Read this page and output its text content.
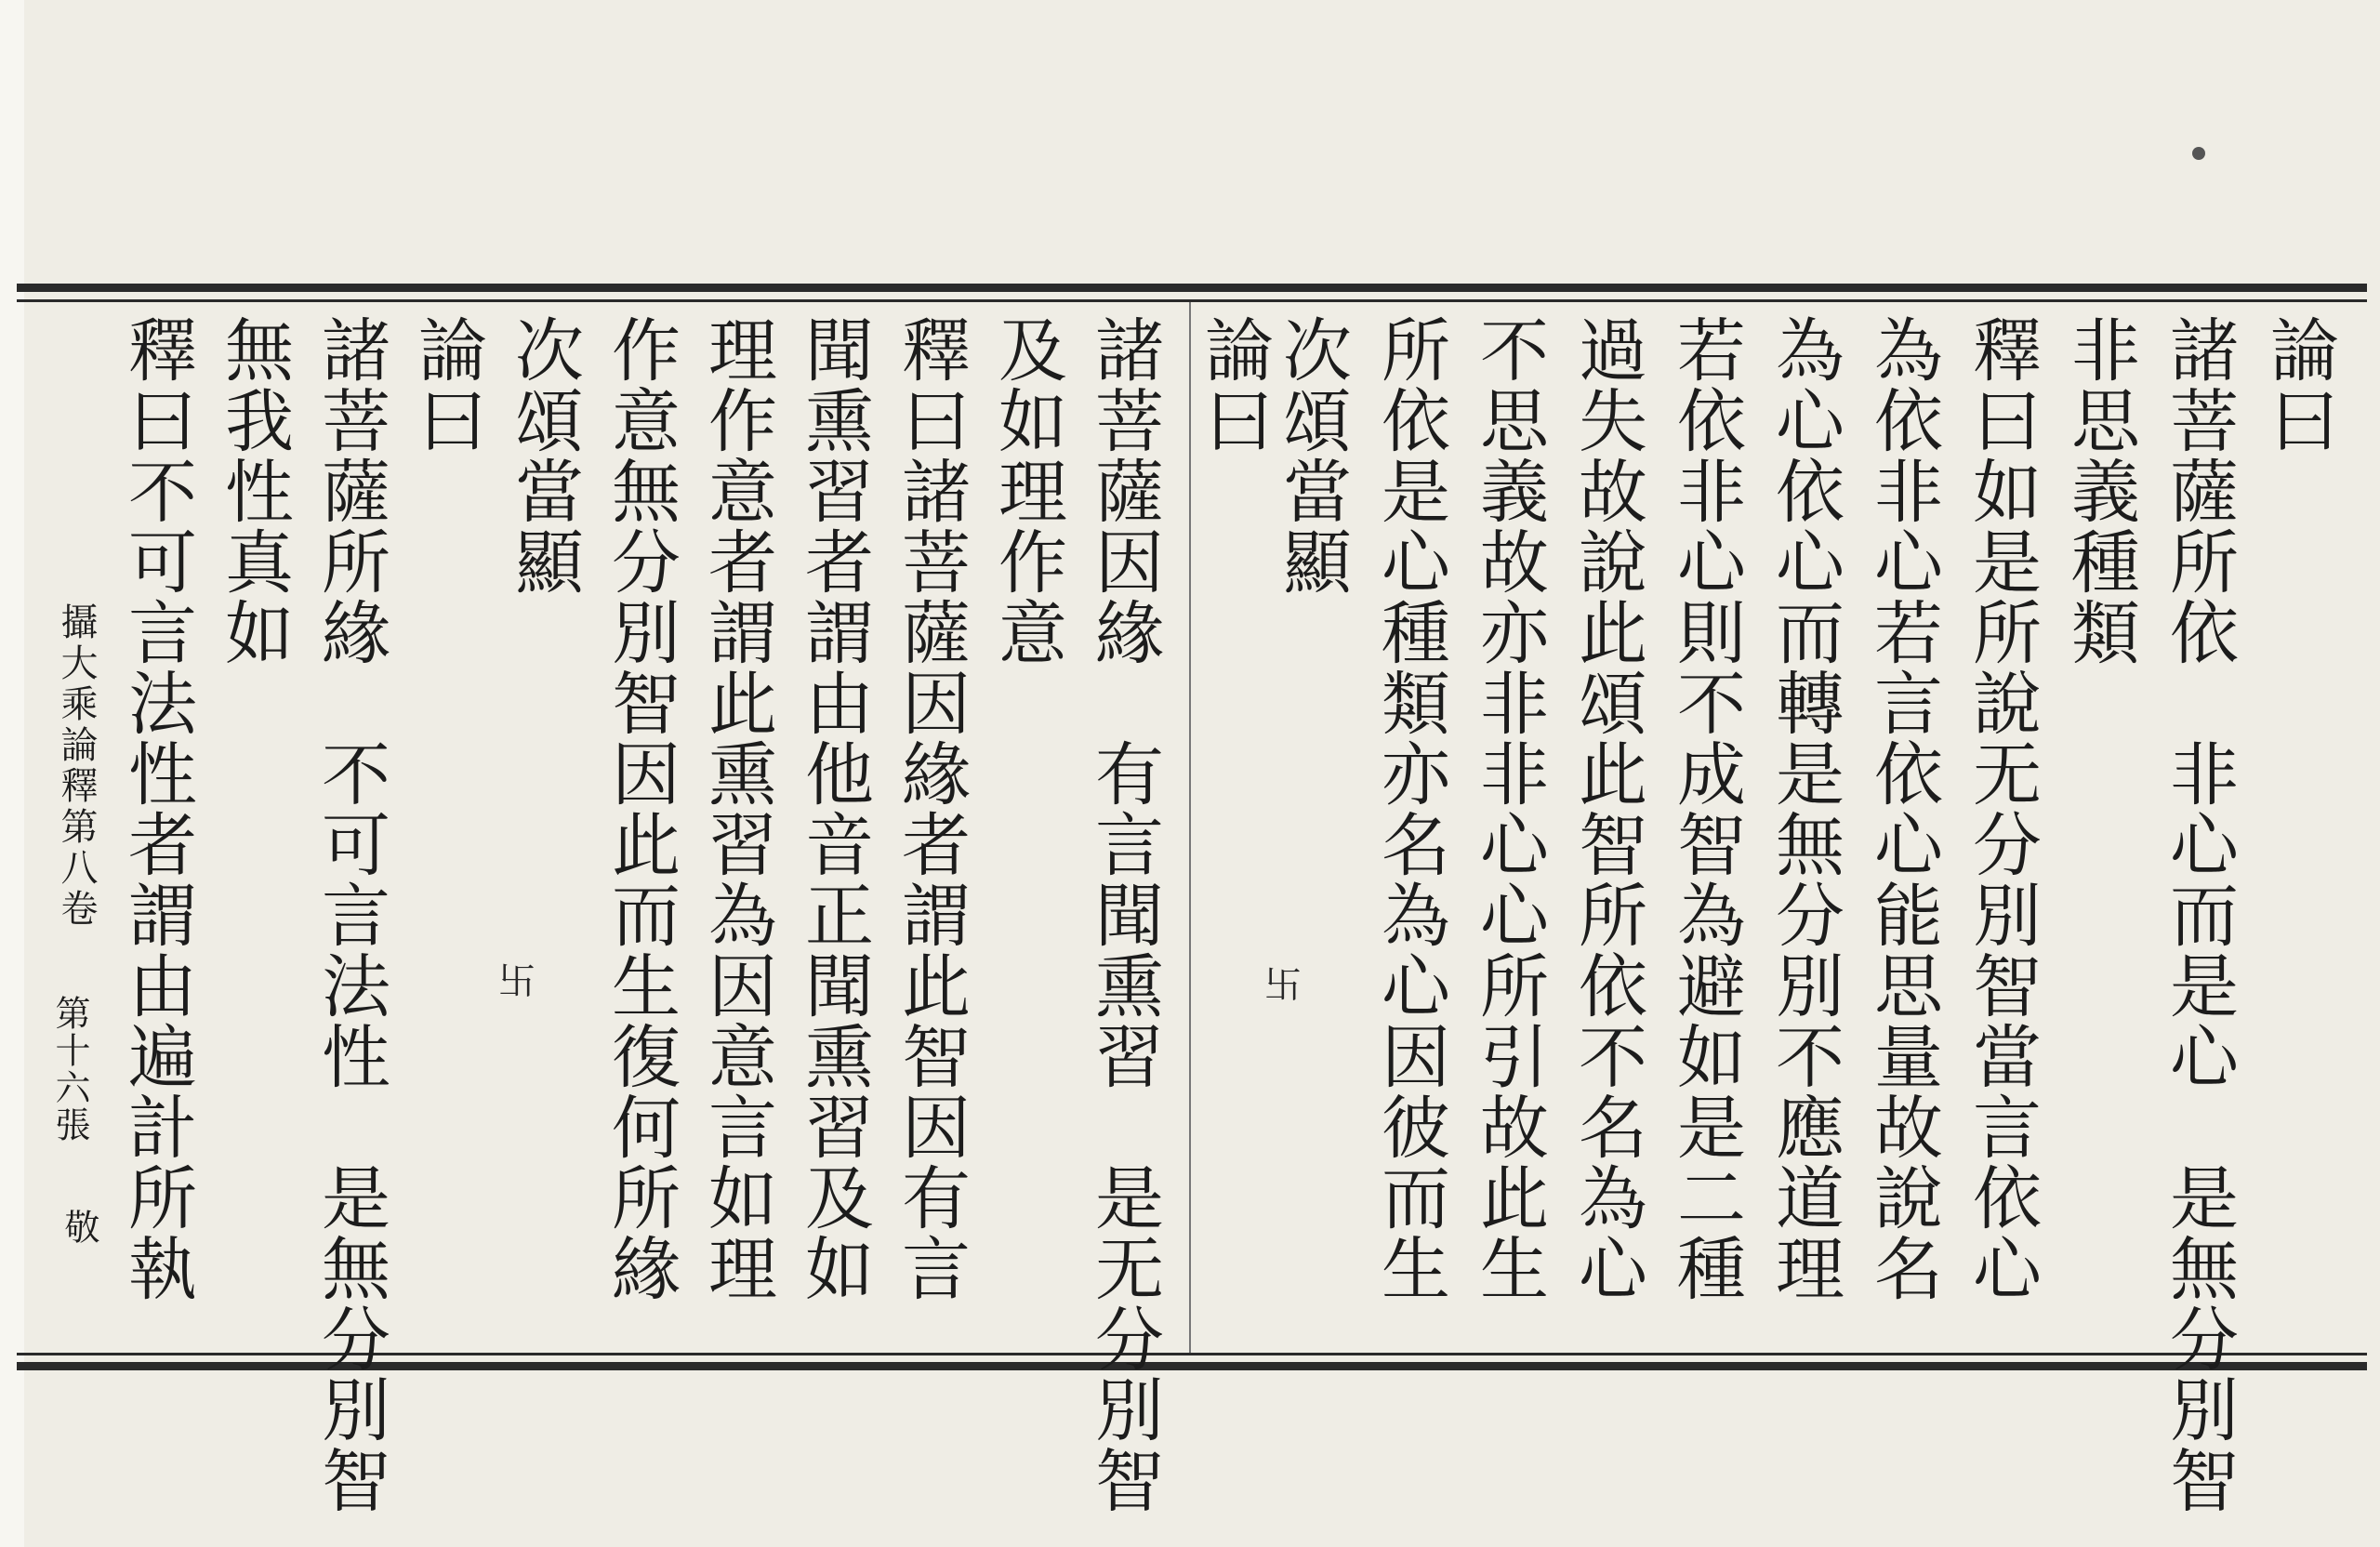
論曰
諸菩薩所依　非心而是心　是無分別智
非思義種類
釋曰如是所說无分別智當言依心
為依非心若言依心能思量故說名
為心依心而轉是無分別不應道理
若依非心則不成智為避如是二種
過失故說此頌此智所依不名為心
不思義故亦非非心心所引故此生
所依是心種類亦名為心因彼而生
次頌當顯
卐
論曰
諸菩薩因緣　有言聞熏習　是无分別智
及如理作意
釋曰諸菩薩因緣者謂此智因有言
聞熏習者謂由他音正聞熏習及如
理作意者謂此熏習為因意言如理
作意無分別智因此而生復何所緣
次頌當顯
卐
論曰
諸菩薩所緣　不可言法性　是無分別智
無我性真如
釋曰不可言法性者謂由遍計所執
攝大乘論釋第八卷
第十六張
敬
